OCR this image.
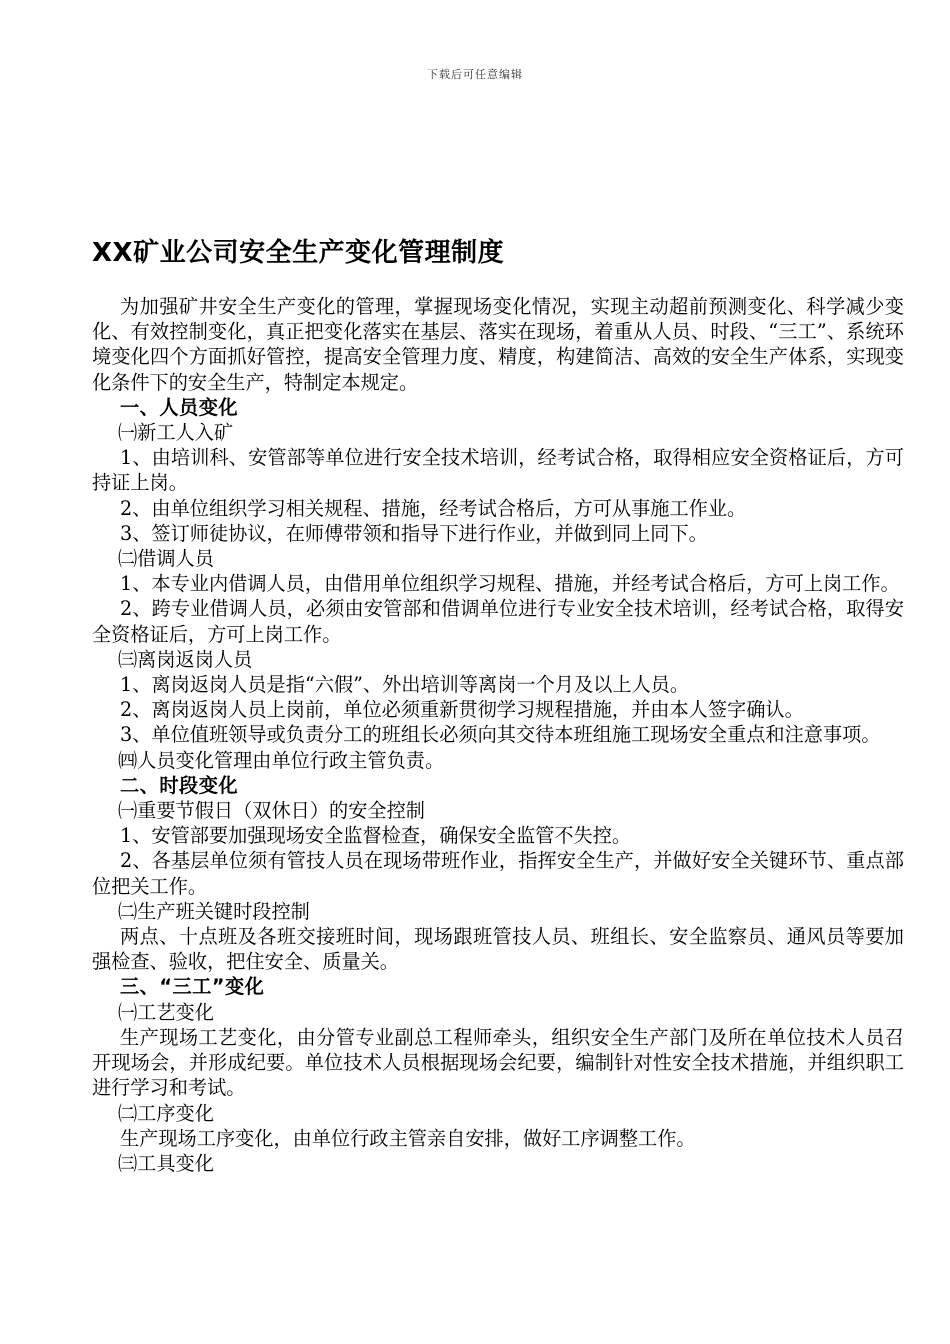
下载后可任意编辑
XX矿业公司安全生产变化管理制度

为加强矿井安全生产变化的管理，掌握现场变化情况，实现主动超前预测变化、科学减少变化、有效控制变化，真正把变化落实在基层、落实在现场，着重从人员、时段、“三工”、系统环境变化四个方面抓好管控，提高安全管理力度、精度，构建简洁、高效的安全生产体系，实现变化条件下的安全生产，特制定本规定。

一、人员变化

㈠新工人入矿

1、由培训科、安管部等单位进行安全技术培训，经考试合格，取得相应安全资格证后，方可持证上岗。

2、由单位组织学习相关规程、措施，经考试合格后，方可从事施工作业。

3、签订师徒协议，在师傅带领和指导下进行作业，并做到同上同下。

㈡借调人员

1、本专业内借调人员，由借用单位组织学习规程、措施，并经考试合格后，方可上岗工作。

2、跨专业借调人员，必须由安管部和借调单位进行专业安全技术培训，经考试合格，取得安全资格证后，方可上岗工作。

㈢离岗返岗人员

1、离岗返岗人员是指“六假”、外出培训等离岗一个月及以上人员。

2、离岗返岗人员上岗前，单位必须重新贯彻学习规程措施，并由本人签字确认。

3、单位值班领导或负责分工的班组长必须向其交待本班组施工现场安全重点和注意事项。

㈣人员变化管理由单位行政主管负责。

二、时段变化

㈠重要节假日（双休日）的安全控制

1、安管部要加强现场安全监督检查，确保安全监管不失控。

2、各基层单位须有管技人员在现场带班作业，指挥安全生产，并做好安全关键环节、重点部位把关工作。

㈡生产班关键时段控制

两点、十点班及各班交接班时间，现场跟班管技人员、班组长、安全监察员、通风员等要加强检查、验收，把住安全、质量关。

三、“三工”变化

㈠工艺变化

生产现场工艺变化，由分管专业副总工程师牵头，组织安全生产部门及所在单位技术人员召开现场会，并形成纪要。单位技术人员根据现场会纪要，编制针对性安全技术措施，并组织职工进行学习和考试。

㈡工序变化

生产现场工序变化，由单位行政主管亲自安排，做好工序调整工作。

㈢工具变化
